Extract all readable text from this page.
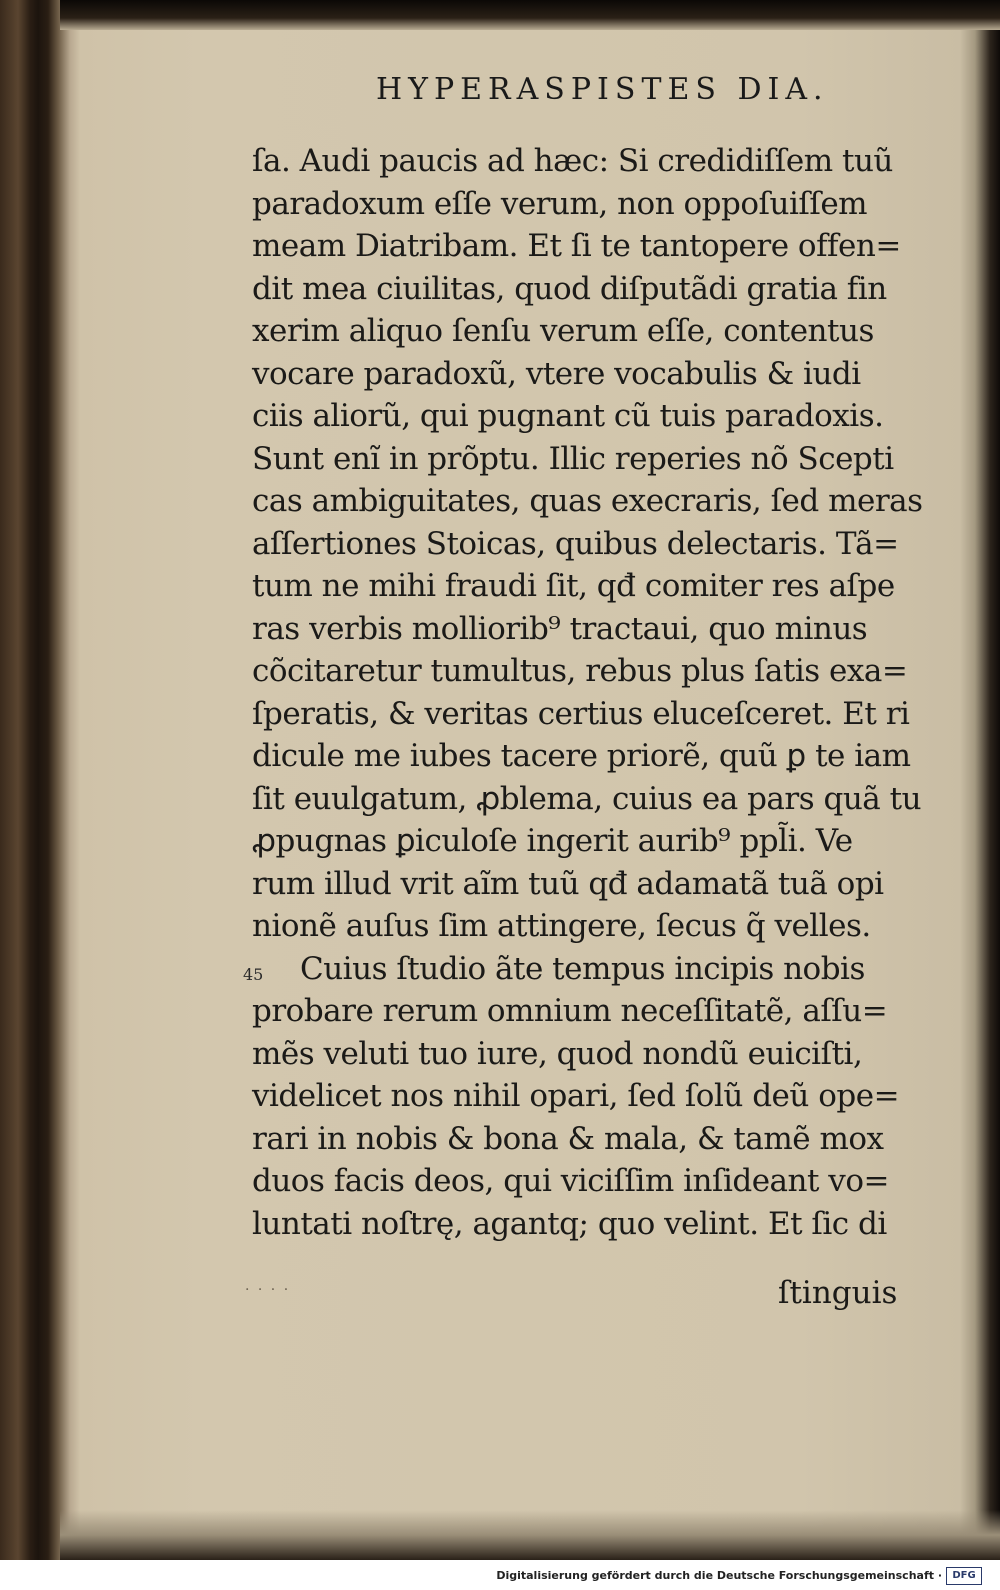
HYPERASPISTES DIA.
ſa. Audi paucis ad hæc: Si credidiſſem tuũ
paradoxum eſſe verum, non oppoſuiſſem
meam Diatribam. Et ſi te tantopere offen=
dit mea ciuilitas, quod diſputãdi gratia fin
xerim aliquo ſenſu verum eſſe, contentus
vocare paradoxũ, vtere vocabulis & iudi
ciis aliorũ, qui pugnant cũ tuis paradoxis.
Sunt enĩ in prõptu. Illic reperies nõ Scepti
cas ambiguitates, quas execraris, ſed meras
aſſertiones Stoicas, quibus delectaris. Tã=
tum ne mihi fraudi ſit, qđ comiter res aſpe
ras verbis molliorib⁹ tractaui, quo minus
cõcitaretur tumultus, rebus plus ſatis exa=
ſperatis, & veritas certius eluceſceret. Et ri
dicule me iubes tacere priorẽ, quũ ꝑ te iam
ſit euulgatum, ꝓblema, cuius ea pars quã tu
ꝓpugnas ꝑiculoſe ingerit aurib⁹ ppl̃i. Ve
rum illud vrit aĩm tuũ qđ adamatã tuã opi
nionẽ auſus ſim attingere, ſecus q̃ velles.
Cuius ſtudio ãte tempus incipis nobis
probare rerum omnium neceſſitatẽ, aſſu=
mẽs veluti tuo iure, quod nondũ euiciſti,
videlicet nos nihil opari, ſed ſolũ deũ ope=
rari in nobis & bona & mala, & tamẽ mox
duos facis deos, qui viciſſim inſideant vo=
luntati noſtrę, agantq; quo velint. Et ſic di
45
· · · ·	ſtinguis
Digitalisierung gefördert durch die Deutsche Forschungsgemeinschaft ·	DFG
